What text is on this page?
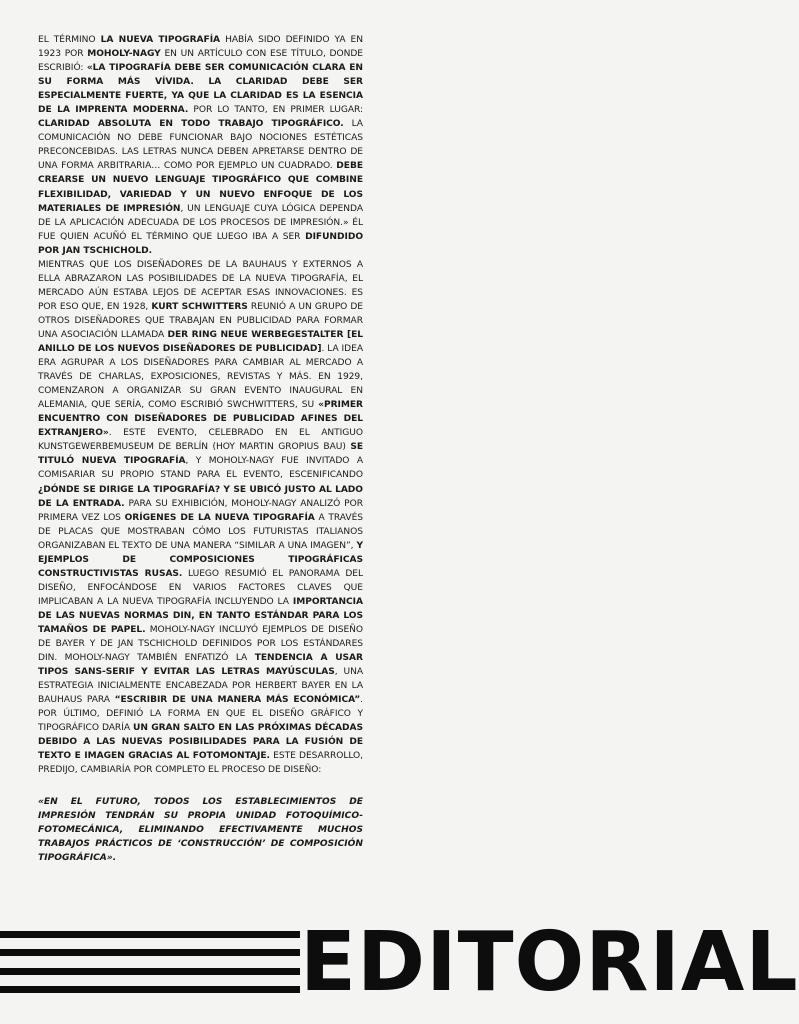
EL TÉRMINO LA NUEVA TIPOGRAFÍA HABÍA SIDO DEFINIDO YA EN 1923 POR MOHOLY-NAGY EN UN ARTÍCULO CON ESE TÍTULO, DONDE ESCRIBIÓ: «LA TIPOGRAFÍA DEBE SER COMUNICACIÓN CLARA EN SU FORMA MÁS VÍVIDA. LA CLARIDAD DEBE SER ESPECIALMENTE FUERTE, YA QUE LA CLARIDAD ES LA ESENCIA DE LA IMPRENTA MODERNA. POR LO TANTO, EN PRIMER LUGAR: CLARIDAD ABSOLUTA EN TODO TRABAJO TIPOGRÁFICO. LA COMUNICACIÓN NO DEBE FUNCIONAR BAJO NOCIONES ESTÉTICAS PRECONCEBIDAS. LAS LETRAS NUNCA DEBEN APRETARSE DENTRO DE UNA FORMA ARBITRARIA… COMO POR EJEMPLO UN CUADRADO. DEBE CREARSE UN NUEVO LENGUAJE TIPOGRÁFICO QUE COMBINE FLEXIBILIDAD, VARIEDAD Y UN NUEVO ENFOQUE DE LOS MATERIALES DE IMPRESIÓN, UN LENGUAJE CUYA LÓGICA DEPENDA DE LA APLICACIÓN ADECUADA DE LOS PROCESOS DE IMPRESIÓN.» ÉL FUE QUIEN ACUÑÓ EL TÉRMINO QUE LUEGO IBA A SER DIFUNDIDO POR JAN TSCHICHOLD.

MIENTRAS QUE LOS DISEÑADORES DE LA BAUHAUS Y EXTERNOS A ELLA ABRAZARON LAS POSIBILIDADES DE LA NUEVA TIPOGRAFÍA, EL MERCADO AÚN ESTABA LEJOS DE ACEPTAR ESAS INNOVACIONES. ES POR ESO QUE, EN 1928, KURT SCHWITTERS REUNIÓ A UN GRUPO DE OTROS DISEÑADORES QUE TRABAJAN EN PUBLICIDAD PARA FORMAR UNA ASOCIACIÓN LLAMADA DER RING NEUE WERBEGESTALTER [EL ANILLO DE LOS NUEVOS DISEÑADORES DE PUBLICIDAD]. LA IDEA ERA AGRUPAR A LOS DISEÑADORES PARA CAMBIAR AL MERCADO A TRAVÉS DE CHARLAS, EXPOSICIONES, REVISTAS Y MÁS. EN 1929, COMENZARON A ORGANIZAR SU GRAN EVENTO INAUGURAL EN ALEMANIA, QUE SERÍA, COMO ESCRIBIÓ SWCHWITTERS, SU «PRIMER ENCUENTRO CON DISEÑADORES DE PUBLICIDAD AFINES DEL EXTRANJERO». ESTE EVENTO, CELEBRADO EN EL ANTIGUO KUNSTGEWERBEMUSEUM DE BERLÍN (HOY MARTIN GROPIUS BAU) SE TITULÓ NUEVA TIPOGRAFÍA, Y MOHOLY-NAGY FUE INVITADO A COMISARIAR SU PROPIO STAND PARA EL EVENTO, ESCENIFICANDO ¿DÓNDE SE DIRIGE LA TIPOGRAFÍA? Y SE UBICÓ JUSTO AL LADO DE LA ENTRADA. PARA SU EXHIBICIÓN, MOHOLY-NAGY ANALIZÓ POR PRIMERA VEZ LOS ORÍGENES DE LA NUEVA TIPOGRAFÍA A TRAVÉS DE PLACAS QUE MOSTRABAN CÓMO LOS FUTURISTAS ITALIANOS ORGANIZABAN EL TEXTO DE UNA MANERA “SIMILAR A UNA IMAGEN”, Y EJEMPLOS DE COMPOSICIONES TIPOGRÁFICAS CONSTRUCTIVISTAS RUSAS. LUEGO RESUMIÓ EL PANORAMA DEL DISEÑO, ENFOCÁNDOSE EN VARIOS FACTORES CLAVES QUE IMPLICABAN A LA NUEVA TIPOGRAFÍA INCLUYENDO LA IMPORTANCIA DE LAS NUEVAS NORMAS DIN, EN TANTO ESTÁNDAR PARA LOS TAMAÑOS DE PAPEL. MOHOLY-NAGY INCLUYÓ EJEMPLOS DE DISEÑO DE BAYER Y DE JAN TSCHICHOLD DEFINIDOS POR LOS ESTÁNDARES DIN. MOHOLY-NAGY TAMBIÉN ENFATIZÓ LA TENDENCIA A USAR TIPOS SANS-SERIF Y EVITAR LAS LETRAS MAYÚSCULAS, UNA ESTRATEGIA INICIALMENTE ENCABEZADA POR HERBERT BAYER EN LA BAUHAUS PARA “ESCRIBIR DE UNA MANERA MÁS ECONÓMICA”. POR ÚLTIMO, DEFINIÓ LA FORMA EN QUE EL DISEÑO GRÁFICO Y TIPOGRÁFICO DARÍA UN GRAN SALTO EN LAS PRÓXIMAS DÉCADAS DEBIDO A LAS NUEVAS POSIBILIDADES PARA LA FUSIÓN DE TEXTO E IMAGEN GRACIAS AL FOTOMONTAJE. ESTE DESARROLLO, PREDIJO, CAMBIARÍA POR COMPLETO EL PROCESO DE DISEÑO:

«EN EL FUTURO, TODOS LOS ESTABLECIMIENTOS DE IMPRESIÓN TENDRÁN SU PROPIA UNIDAD FOTOQUÍMICO-FOTOMECÁNICA, ELIMINANDO EFECTIVAMENTE MUCHOS TRABAJOS PRÁCTICOS DE ‘CONSTRUCCIÓN’ DE COMPOSICIÓN TIPOGRÁFICA».
EDITORIAL
